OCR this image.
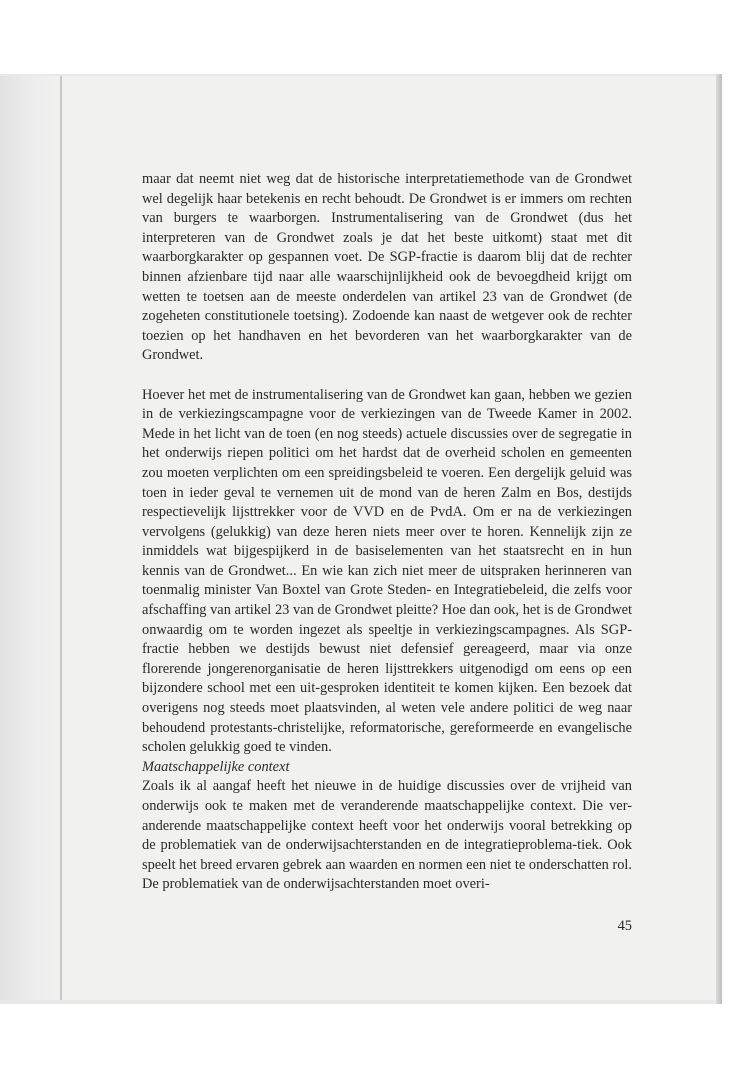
maar dat neemt niet weg dat de historische interpretatiemethode van de Grondwet wel degelijk haar betekenis en recht behoudt. De Grondwet is er immers om rechten van burgers te waarborgen. Instrumentalisering van de Grondwet (dus het interpreteren van de Grondwet zoals je dat het beste uitkomt) staat met dit waarborgkarakter op gespannen voet. De SGP-fractie is daarom blij dat de rechter binnen afzienbare tijd naar alle waarschijnlijkheid ook de bevoegdheid krijgt om wetten te toetsen aan de meeste onderdelen van artikel 23 van de Grondwet (de zogeheten constitutionele toetsing). Zodoende kan naast de wetgever ook de rechter toezien op het handhaven en het bevorderen van het waarborgkarakter van de Grondwet.

Hoever het met de instrumentalisering van de Grondwet kan gaan, hebben we gezien in de verkiezingscampagne voor de verkiezingen van de Tweede Kamer in 2002. Mede in het licht van de toen (en nog steeds) actuele discussies over de segregatie in het onderwijs riepen politici om het hardst dat de overheid scholen en gemeenten zou moeten verplichten om een spreidingsbeleid te voeren. Een dergelijk geluid was toen in ieder geval te vernemen uit de mond van de heren Zalm en Bos, destijds respectievelijk lijsttrekker voor de VVD en de PvdA. Om er na de verkiezingen vervolgens (gelukkig) van deze heren niets meer over te horen. Kennelijk zijn ze inmiddels wat bijgespijkerd in de basiselementen van het staatsrecht en in hun kennis van de Grondwet... En wie kan zich niet meer de uitspraken herinneren van toenmalig minister Van Boxtel van Grote Steden- en Integratiebeleid, die zelfs voor afschaffing van artikel 23 van de Grondwet pleitte? Hoe dan ook, het is de Grondwet onwaardig om te worden ingezet als speeltje in verkiezingscampagnes. Als SGP-fractie hebben we destijds bewust niet defensief gereageerd, maar via onze florerende jongerenorganisatie de heren lijsttrekkers uitgenodigd om eens op een bijzondere school met een uit-gesproken identiteit te komen kijken. Een bezoek dat overigens nog steeds moet plaatsvinden, al weten vele andere politici de weg naar behoudend protestants-christelijke, reformatorische, gereformeerde en evangelische scholen gelukkig goed te vinden.

Maatschappelijke context

Zoals ik al aangaf heeft het nieuwe in de huidige discussies over de vrijheid van onderwijs ook te maken met de veranderende maatschappelijke context. Die ver-anderende maatschappelijke context heeft voor het onderwijs vooral betrekking op de problematiek van de onderwijsachterstanden en de integratieproblema-tiek. Ook speelt het breed ervaren gebrek aan waarden en normen een niet te onderschatten rol. De problematiek van de onderwijsachterstanden moet overi-

45
